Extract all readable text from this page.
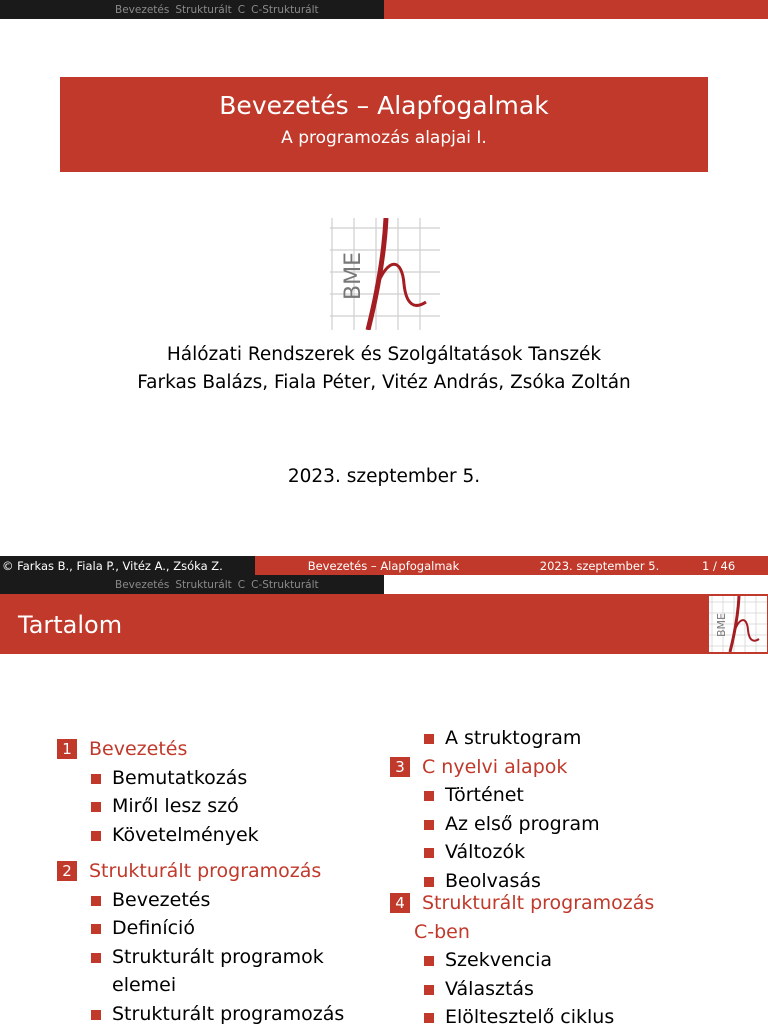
Bevezetés Strukturált C C-Strukturált
Bevezetés – Alapfogalmak
A programozás alapjai I.
BME
Hálózati Rendszerek és Szolgáltatások Tanszék
Farkas Balázs, Fiala Péter, Vitéz András, Zsóka Zoltán
2023. szeptember 5.
© Farkas B., Fiala P., Vitéz A., Zsóka Z.	Bevezetés – Alapfogalmak	2023. szeptember 5.	1 / 46
Bevezetés Strukturált C C-Strukturált
Tartalom	BME
1 Bevezetés
Bemutatkozás
Miről lesz szó
Követelmények
2 Strukturált programozás
Bevezetés
Definíció
Strukturált programok
elemei
Strukturált programozás
A struktogram
3 C nyelvi alapok
Történet
Az első program
Változók
Beolvasás
4 Strukturált programozás
C-ben
Szekvencia
Választás
Elöltesztelő ciklus
